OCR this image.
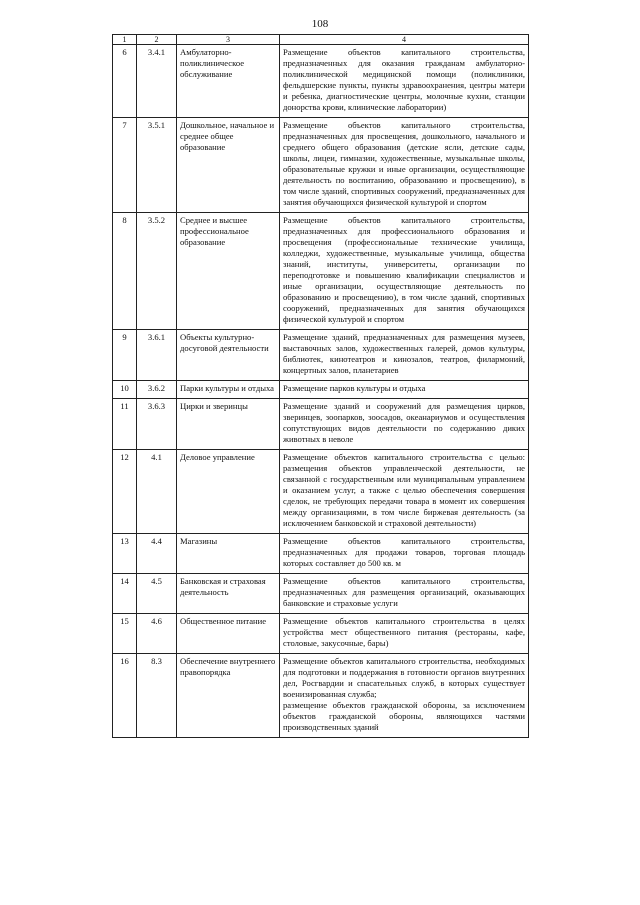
108
1	2	3	4
6	3.4.1	Амбулаторно-поликлиническое обслуживание	Размещение объектов капитального строительства, предназначенных для оказания гражданам амбулаторно-поликлинической медицинской помощи (поликлиники, фельдшерские пункты, пункты здравоохранения, центры матери и ребенка, диагностические центры, молочные кухни, станции донорства крови, клинические лаборатории)

7	3.5.1	Дошкольное, начальное и среднее общее образование	Размещение объектов капитального строительства, предназначенных для просвещения, дошкольного, начального и среднего общего образования (детские ясли, детские сады, школы, лицеи, гимназии, художественные, музыкальные школы, образовательные кружки и иные организации, осуществляющие деятельность по воспитанию, образованию и просвещению), в том числе зданий, спортивных сооружений, предназначенных для занятия обучающихся физической культурой и спортом

8	3.5.2	Среднее и высшее профессиональное образование	Размещение объектов капитального строительства, предназначенных для профессионального образования и просвещения (профессиональные технические училища, колледжи, художественные, музыкальные училища, общества знаний, институты, университеты, организации по переподготовке и повышению квалификации специалистов и иные организации, осуществляющие деятельность по образованию и просвещению), в том числе зданий, спортивных сооружений, предназначенных для занятия обучающихся физической культурой и спортом

9	3.6.1	Объекты культурно-досуговой деятельности	Размещение зданий, предназначенных для размещения музеев, выставочных залов, художественных галерей, домов культуры, библиотек, кинотеатров и кинозалов, театров, филармоний, концертных залов, планетариев

10	3.6.2	Парки культуры и отдыха	Размещение парков культуры и отдыха

11	3.6.3	Цирки и зверинцы	Размещение зданий и сооружений для размещения цирков, зверинцев, зоопарков, зоосадов, океанариумов и осуществления сопутствующих видов деятельности по содержанию диких животных в неволе

12	4.1	Деловое управление	Размещение объектов капитального строительства с целью: размещения объектов управленческой деятельности, не связанной с государственным или муниципальным управлением и оказанием услуг, а также с целью обеспечения совершения сделок, не требующих передачи товара в момент их совершения между организациями, в том числе биржевая деятельность (за исключением банковской и страховой деятельности)

13	4.4	Магазины	Размещение объектов капитального строительства, предназначенных для продажи товаров, торговая площадь которых составляет до 500 кв. м

14	4.5	Банковская и страховая деятельность	Размещение объектов капитального строительства, предназначенных для размещения организаций, оказывающих банковские и страховые услуги

15	4.6	Общественное питание	Размещение объектов капитального строительства в целях устройства мест общественного питания (рестораны, кафе, столовые, закусочные, бары)

16	8.3	Обеспечение внутреннего правопорядка	Размещение объектов капитального строительства, необходимых для подготовки и поддержания в готовности органов внутренних дел, Росгвардии и спасательных служб, в которых существует военизированная служба;
размещение объектов гражданской обороны, за исключением объектов гражданской обороны, являющихся частями производственных зданий
